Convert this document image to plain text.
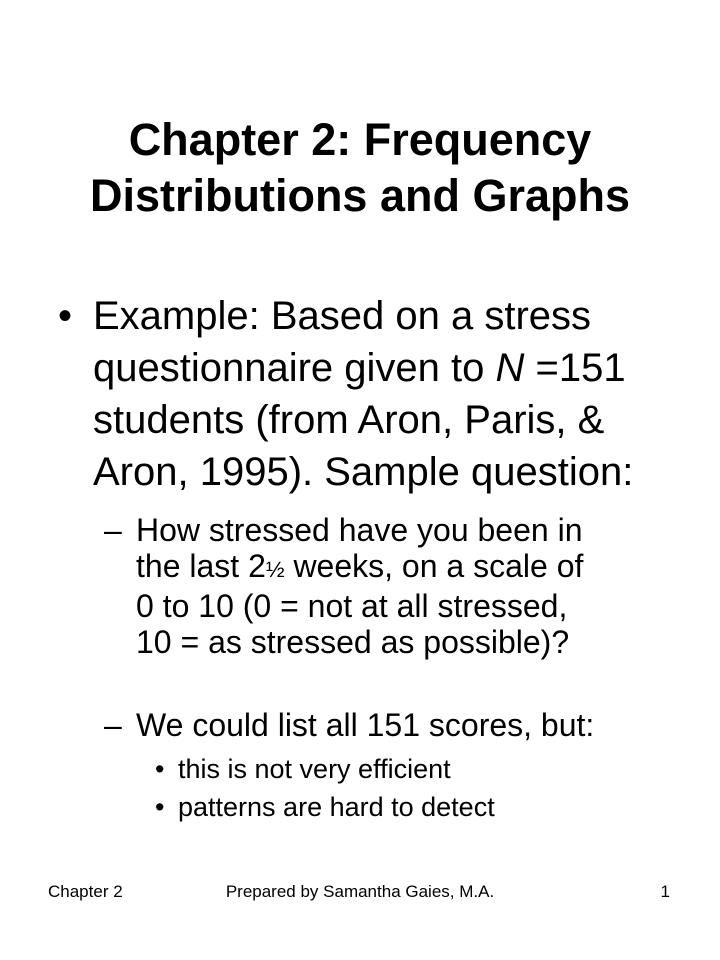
Chapter 2: Frequency
Distributions and Graphs
• Example: Based on a stress
questionnaire given to N =151
students (from Aron, Paris, &
Aron, 1995). Sample question:
– How stressed have you been in
the last 2½ weeks, on a scale of
0 to 10 (0 = not at all stressed,
10 = as stressed as possible)?
– We could list all 151 scores, but:
• this is not very efficient
• patterns are hard to detect
Chapter 2	Prepared by Samantha Gaies, M.A.	1
